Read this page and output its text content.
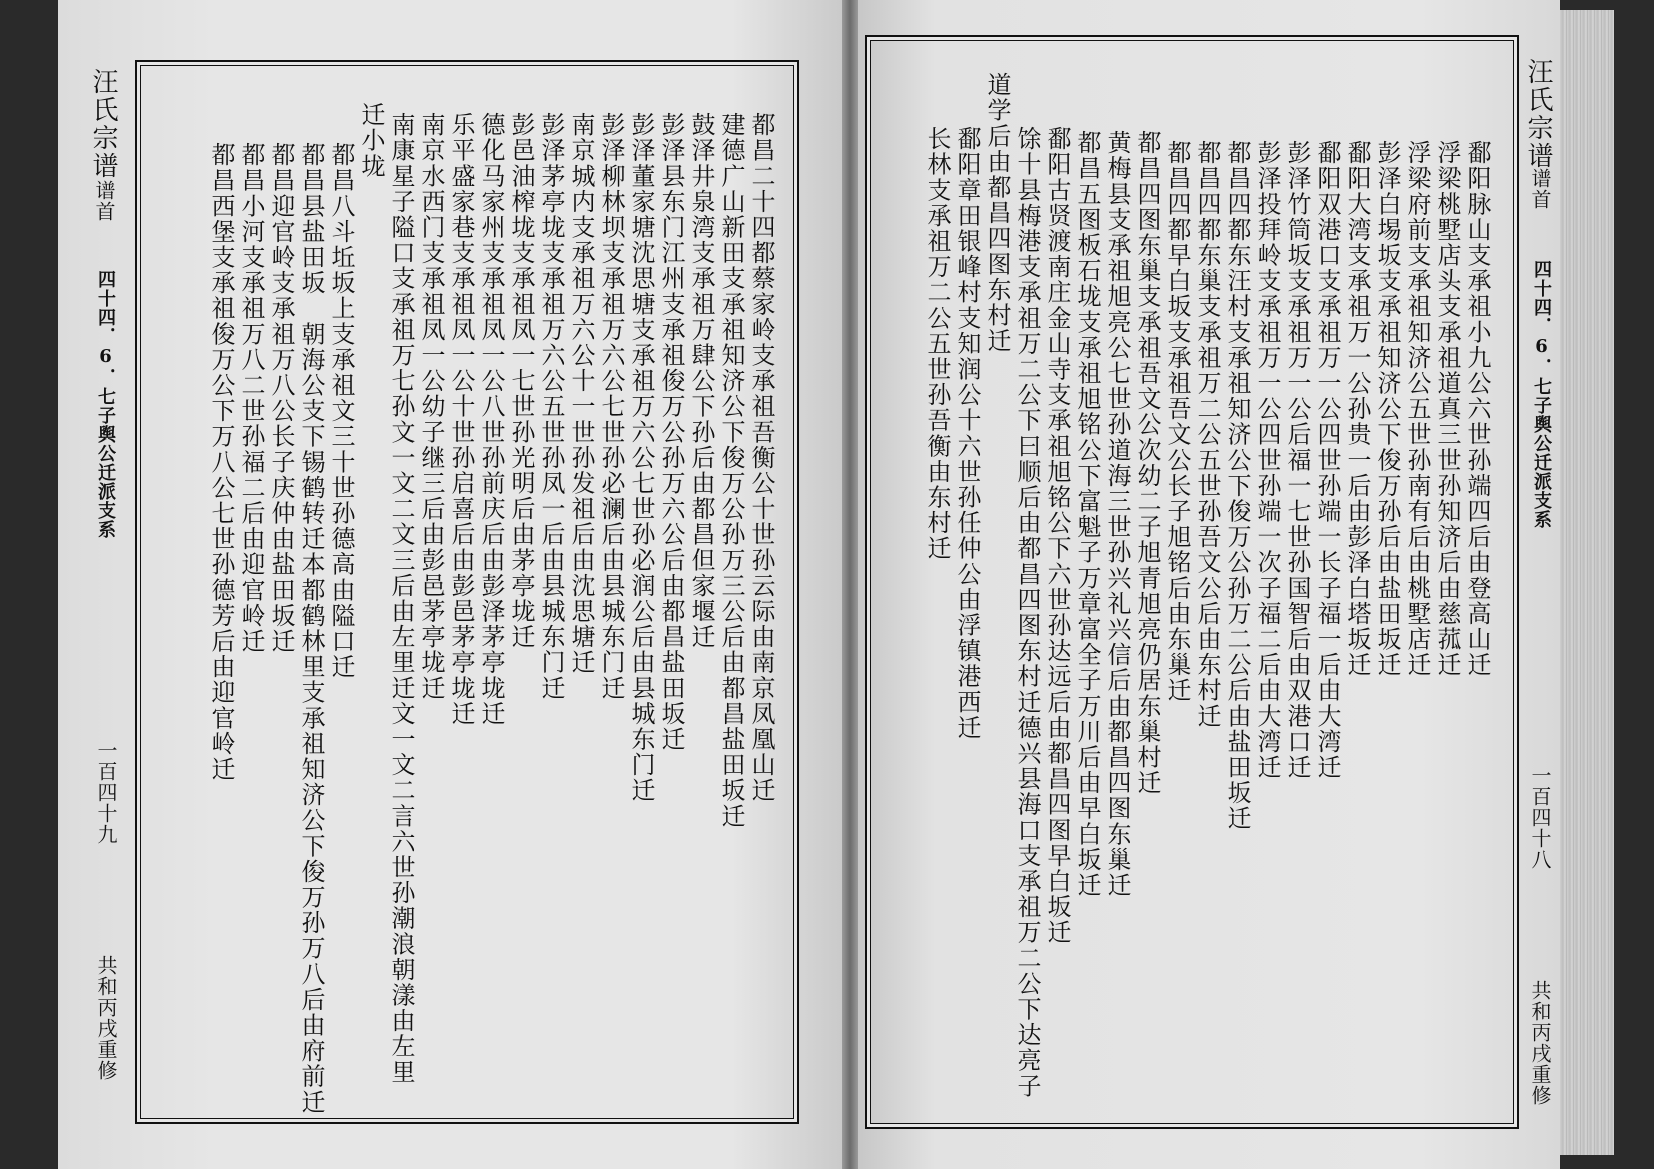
汪氏宗谱
谱首
四十四．6．七子舆公迁派支系
一百四十九
共和丙戌重修
都昌二十四都蔡家岭支承祖吾衡公十世孙云际由南京凤凰山迁
建德广山新田支承祖知济公下俊万公孙万三公后由都昌盐田坂迁
鼓泽井泉湾支承祖万肆公下孙后由都昌但家堰迁
彭泽县东门江州支承祖俊万公孙万六公后由都昌盐田坂迁
彭泽董家塘沈思塘支承祖万六公七世孙必润公后由县城东门迁
彭泽柳林坝支承祖万六公七世孙必澜后由县城东门迁
南京城内支承祖万六公十一世孙发祖后由沈思塘迁
彭泽茅亭垅支承祖万六公五世孙凤一后由县城东门迁
彭邑油榨垅支承祖凤一七世孙光明后由茅亭垅迁
德化马家州支承祖凤一公八世孙前庆后由彭泽茅亭垅迁
乐平盛家巷支承祖凤一公十世孙启喜后由彭邑茅亭垅迁
南京水西门支承祖凤一公幼子继三后由彭邑茅亭垅迁
南康星子隘口支承祖万七孙文一文二文三后由左里迁文一文二言六世孙潮浪朝漾由左里
迁小垅
都昌八斗坵坂上支承祖文三十世孙德高由隘口迁
都昌县盐田坂　朝海公支下锡鹤转迁本都鹤林里支承祖知济公下俊万孙万八后由府前迁
都昌迎官岭支承祖万八公长子庆仲由盐田坂迁
都昌小河支承祖万八二世孙福二后由迎官岭迁
都昌西堡支承祖俊万公下万八公七世孙德芳后由迎官岭迁	鄱阳脉山支承祖小九公六世孙端四后由登高山迁
浮梁桃墅店头支承祖道真三世孙知济后由慈菰迁
浮梁府前支承祖知济公五世孙南有后由桃墅店迁
彭泽白埸坂支承祖知济公下俊万孙后由盐田坂迁
鄱阳大湾支承祖万一公孙贵一后由彭泽白塔坂迁
鄱阳双港口支承祖万一公四世孙端一长子福一后由大湾迁
彭泽竹筒坂支承祖万一公后福一七世孙国智后由双港口迁
彭泽投拜岭支承祖万一公四世孙端一次子福二后由大湾迁
都昌四都东汪村支承祖知济公下俊万公孙万二公后由盐田坂迁
都昌四都东巢支承祖万二公五世孙吾文公后由东村迁
都昌四都早白坂支承祖吾文公长子旭铭后由东巢迁
都昌四图东巢支承祖吾文公次幼二子旭青旭亮仍居东巢村迁
黄梅县支承祖旭亮公七世孙道海三世孙兴礼兴信后由都昌四图东巢迁
都昌五图板石垅支承祖旭铭公下富魁子万章富全子万川后由早白坂迁
鄱阳古贤渡南庄金山寺支承祖旭铭公下六世孙达远后由都昌四图早白坂迁
馀十县梅港支承祖万二公下曰顺后由都昌四图东村迁德兴县海口支承祖万二公下达亮子
道学后由都昌四图东村迁
鄱阳章田银峰村支知润公十六世孙任仲公由浮镇港西迁
长林支承祖万二公五世孙吾衡由东村迁
汪氏宗谱
谱首
四十四．6．七子舆公迁派支系
一百四十八
共和丙戌重修
